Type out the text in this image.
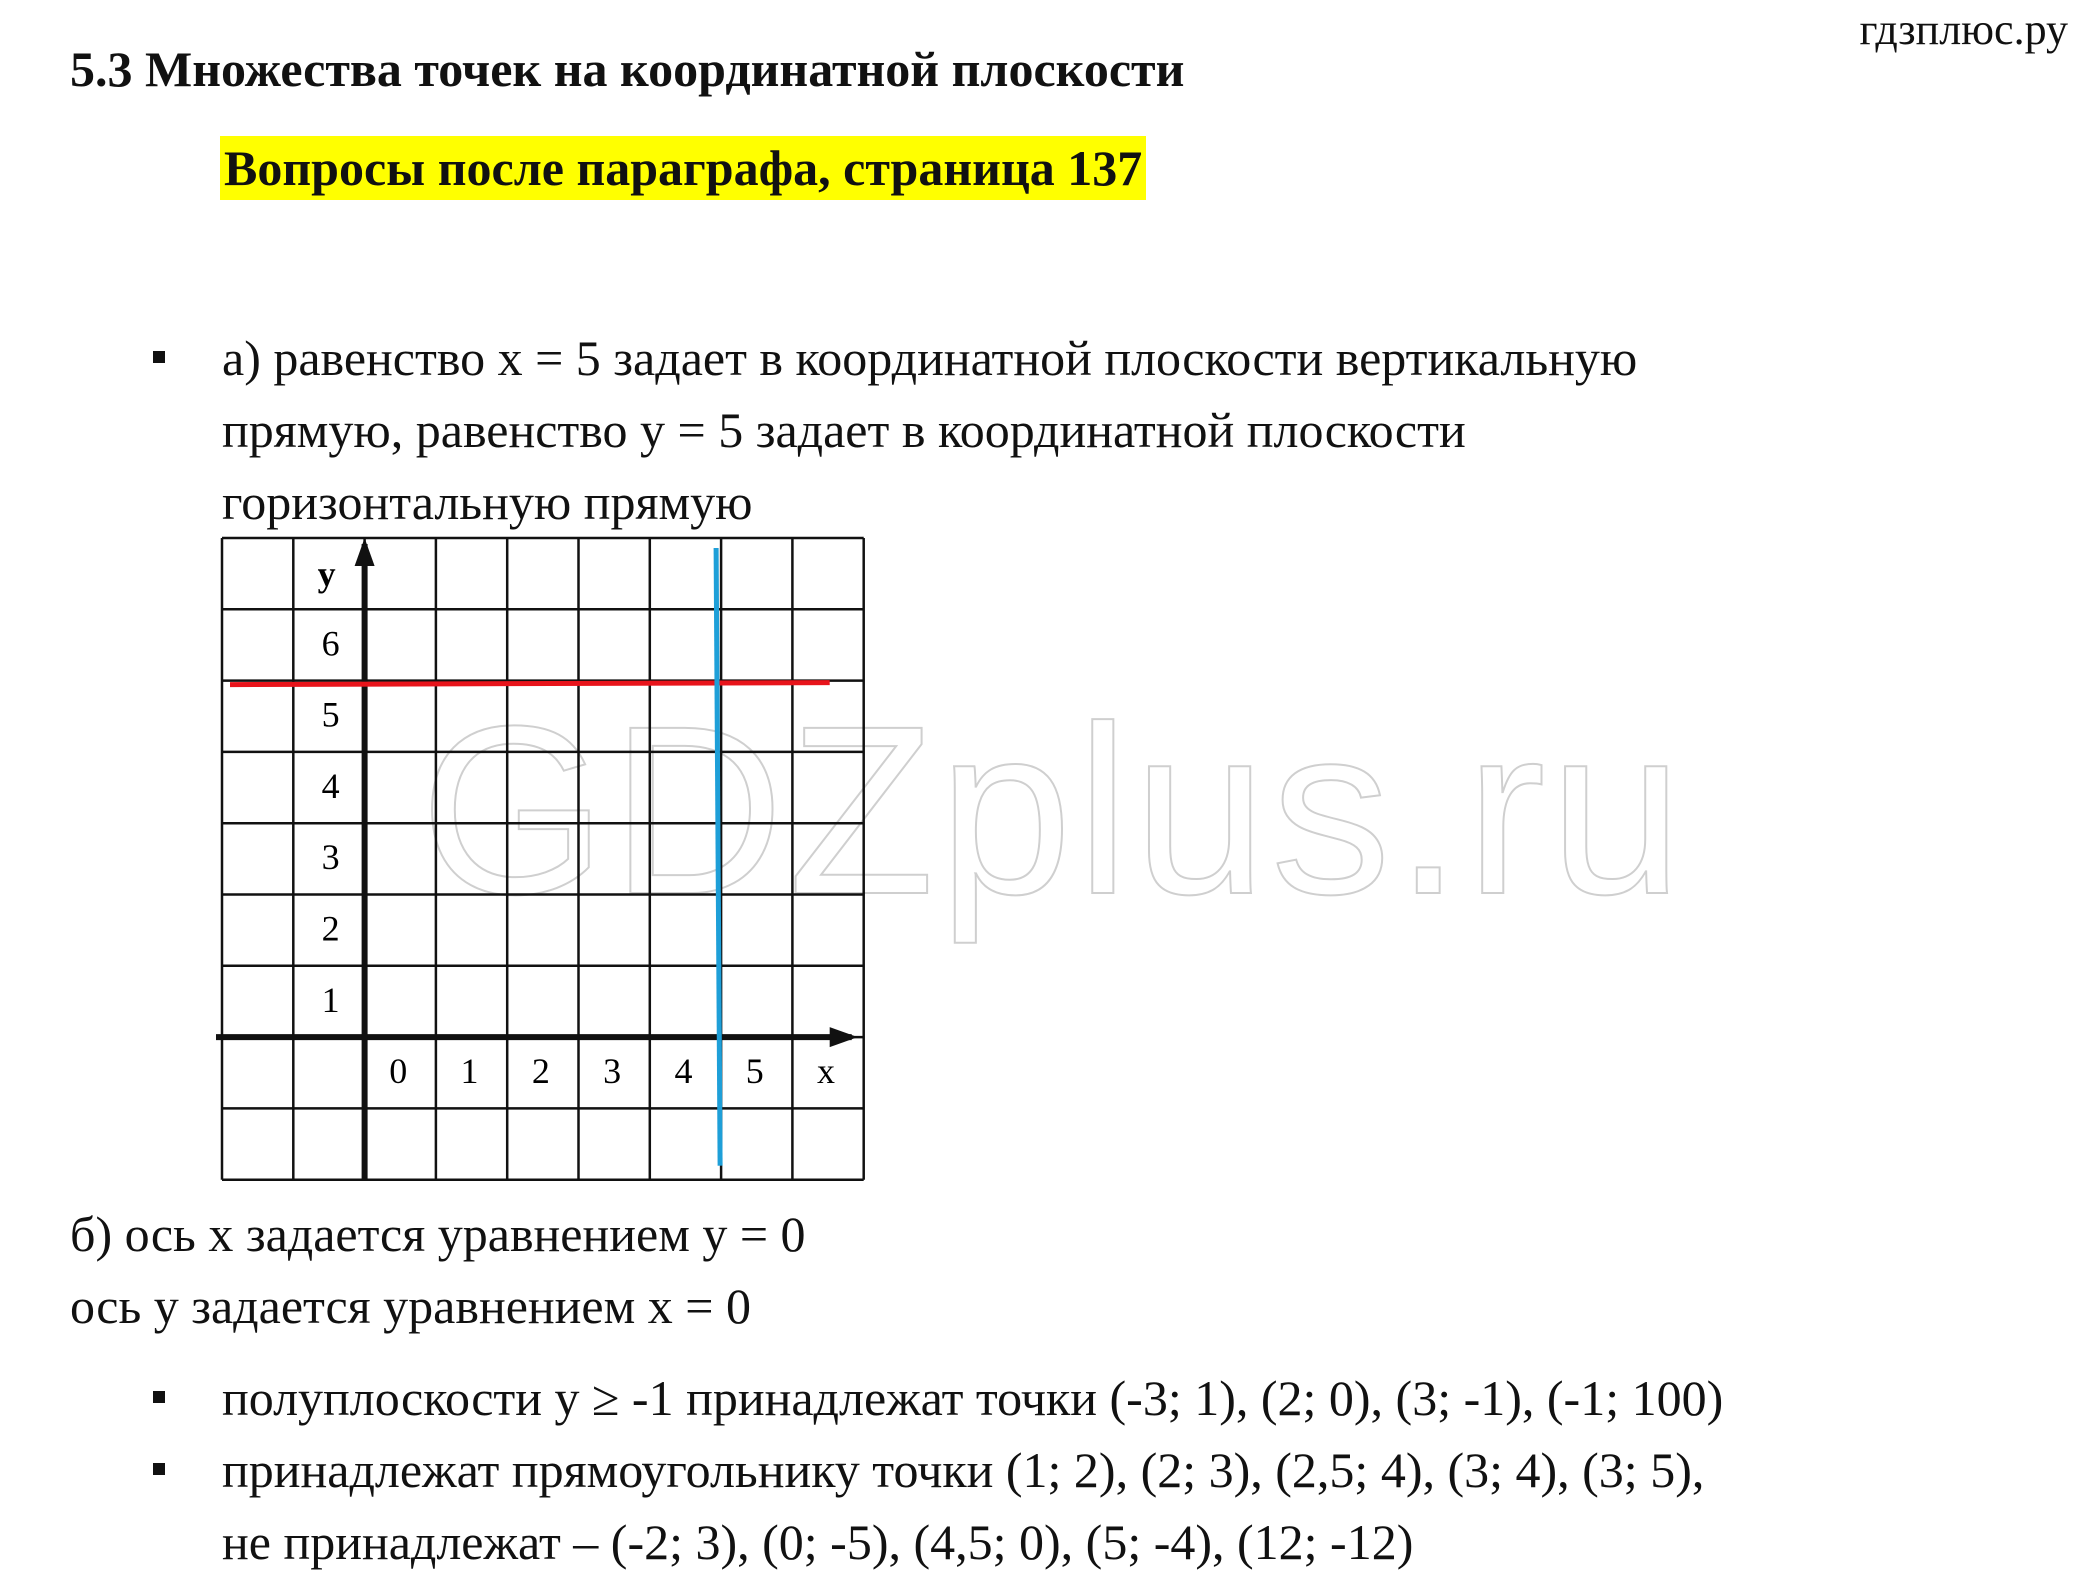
гдзплюс.ру
5.3 Множества точек на координатной плоскости
Вопросы после параграфа, страница 137
а) равенство x = 5 задает в координатной плоскости вертикальную
прямую, равенство y = 5 задает в координатной плоскости
горизонтальную прямую
GDZplus.ru
y
6
5
4
3
2
1
0 1 2 3 4 5 x
б) ось x задается уравнением y = 0
ось y задается уравнением x = 0
полуплоскости y ≥ -1 принадлежат точки (-3; 1), (2; 0), (3; -1), (-1; 100)
принадлежат прямоугольнику точки (1; 2), (2; 3), (2,5; 4), (3; 4), (3; 5),
не принадлежат – (-2; 3), (0; -5), (4,5; 0), (5; -4), (12; -12)
